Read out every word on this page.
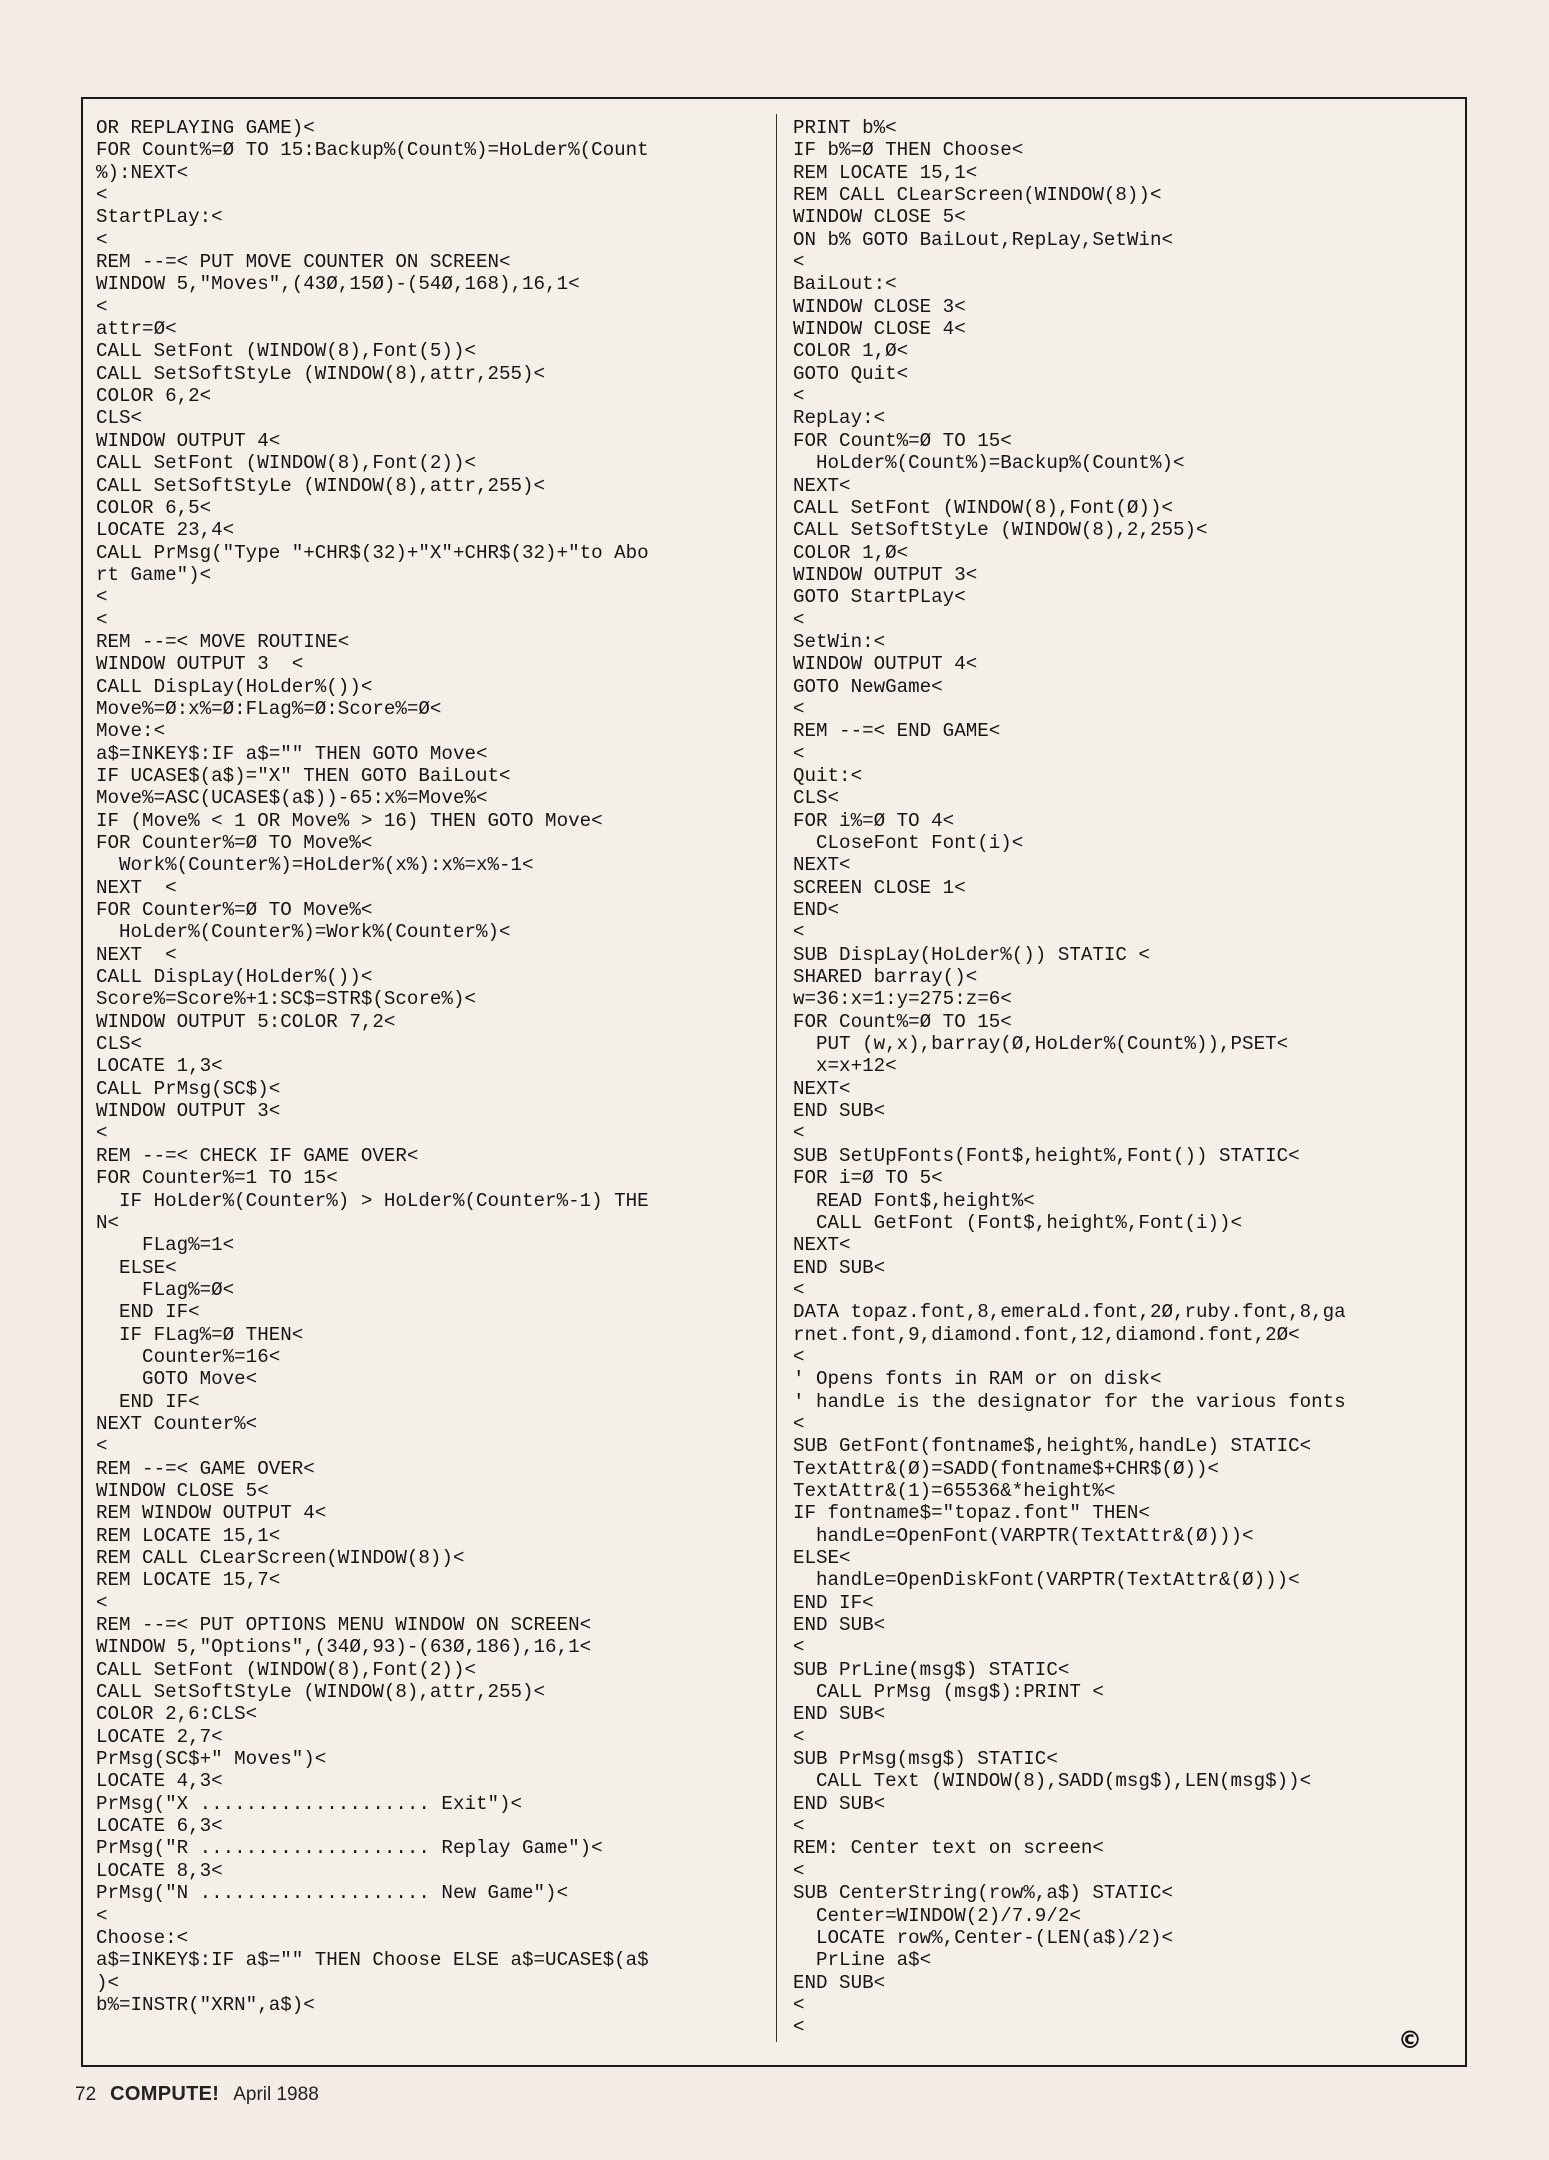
OR REPLAYING GAME)<
FOR Count%=Ø TO 15:Backup%(Count%)=HoLder%(Count
%):NEXT<
<
StartPLay:<
<
REM --=< PUT MOVE COUNTER ON SCREEN<
WINDOW 5,"Moves",(43Ø,15Ø)-(54Ø,168),16,1<
<
attr=Ø<
CALL SetFont (WINDOW(8),Font(5))<
CALL SetSoftStyLe (WINDOW(8),attr,255)<
COLOR 6,2<
CLS<
WINDOW OUTPUT 4<
CALL SetFont (WINDOW(8),Font(2))<
CALL SetSoftStyLe (WINDOW(8),attr,255)<
COLOR 6,5<
LOCATE 23,4<
CALL PrMsg("Type "+CHR$(32)+"X"+CHR$(32)+"to Abo
rt Game")<
<
<
REM --=< MOVE ROUTINE<
WINDOW OUTPUT 3  <
CALL DispLay(HoLder%())<
Move%=Ø:x%=Ø:FLag%=Ø:Score%=Ø<
Move:<
a$=INKEY$:IF a$="" THEN GOTO Move<
IF UCASE$(a$)="X" THEN GOTO BaiLout<
Move%=ASC(UCASE$(a$))-65:x%=Move%<
IF (Move% < 1 OR Move% > 16) THEN GOTO Move<
FOR Counter%=Ø TO Move%<
Work%(Counter%)=HoLder%(x%):x%=x%-1<
NEXT  <
FOR Counter%=Ø TO Move%<
HoLder%(Counter%)=Work%(Counter%)<
NEXT  <
CALL DispLay(HoLder%())<
Score%=Score%+1:SC$=STR$(Score%)<
WINDOW OUTPUT 5:COLOR 7,2<
CLS<
LOCATE 1,3<
CALL PrMsg(SC$)<
WINDOW OUTPUT 3<
<
REM --=< CHECK IF GAME OVER<
FOR Counter%=1 TO 15<
IF HoLder%(Counter%) > HoLder%(Counter%-1) THE
N<
FLag%=1<
ELSE<
FLag%=Ø<
END IF<
IF FLag%=Ø THEN<
Counter%=16<
GOTO Move<
END IF<
NEXT Counter%<
<
REM --=< GAME OVER<
WINDOW CLOSE 5<
REM WINDOW OUTPUT 4<
REM LOCATE 15,1<
REM CALL CLearScreen(WINDOW(8))<
REM LOCATE 15,7<
<
REM --=< PUT OPTIONS MENU WINDOW ON SCREEN<
WINDOW 5,"Options",(34Ø,93)-(63Ø,186),16,1<
CALL SetFont (WINDOW(8),Font(2))<
CALL SetSoftStyLe (WINDOW(8),attr,255)<
COLOR 2,6:CLS<
LOCATE 2,7<
PrMsg(SC$+" Moves")<
LOCATE 4,3<
PrMsg("X .................... Exit")<
LOCATE 6,3<
PrMsg("R .................... Replay Game")<
LOCATE 8,3<
PrMsg("N .................... New Game")<
<
Choose:<
a$=INKEY$:IF a$="" THEN Choose ELSE a$=UCASE$(a$
)<
b%=INSTR("XRN",a$)<
PRINT b%<
IF b%=Ø THEN Choose<
REM LOCATE 15,1<
REM CALL CLearScreen(WINDOW(8))<
WINDOW CLOSE 5<
ON b% GOTO BaiLout,RepLay,SetWin<
<
BaiLout:<
WINDOW CLOSE 3<
WINDOW CLOSE 4<
COLOR 1,Ø<
GOTO Quit<
<
RepLay:<
FOR Count%=Ø TO 15<
HoLder%(Count%)=Backup%(Count%)<
NEXT<
CALL SetFont (WINDOW(8),Font(Ø))<
CALL SetSoftStyLe (WINDOW(8),2,255)<
COLOR 1,Ø<
WINDOW OUTPUT 3<
GOTO StartPLay<
<
SetWin:<
WINDOW OUTPUT 4<
GOTO NewGame<
<
REM --=< END GAME<
<
Quit:<
CLS<
FOR i%=Ø TO 4<
CLoseFont Font(i)<
NEXT<
SCREEN CLOSE 1<
END<
<
SUB DispLay(HoLder%()) STATIC <
SHARED barray()<
w=36:x=1:y=275:z=6<
FOR Count%=Ø TO 15<
PUT (w,x),barray(Ø,HoLder%(Count%)),PSET<
x=x+12<
NEXT<
END SUB<
<
SUB SetUpFonts(Font$,height%,Font()) STATIC<
FOR i=Ø TO 5<
READ Font$,height%<
CALL GetFont (Font$,height%,Font(i))<
NEXT<
END SUB<
<
DATA topaz.font,8,emeraLd.font,2Ø,ruby.font,8,ga
rnet.font,9,diamond.font,12,diamond.font,2Ø<
<
' Opens fonts in RAM or on disk<
' handLe is the designator for the various fonts
<
SUB GetFont(fontname$,height%,handLe) STATIC<
TextAttr&(Ø)=SADD(fontname$+CHR$(Ø))<
TextAttr&(1)=65536&*height%<
IF fontname$="topaz.font" THEN<
handLe=OpenFont(VARPTR(TextAttr&(Ø)))<
ELSE<
handLe=OpenDiskFont(VARPTR(TextAttr&(Ø)))<
END IF<
END SUB<
<
SUB PrLine(msg$) STATIC<
CALL PrMsg (msg$):PRINT <
END SUB<
<
SUB PrMsg(msg$) STATIC<
CALL Text (WINDOW(8),SADD(msg$),LEN(msg$))<
END SUB<
<
REM: Center text on screen<
<
SUB CenterString(row%,a$) STATIC<
Center=WINDOW(2)/7.9/2<
LOCATE row%,Center-(LEN(a$)/2)<
PrLine a$<
END SUB<
<
<	©
72 COMPUTE! April 1988
